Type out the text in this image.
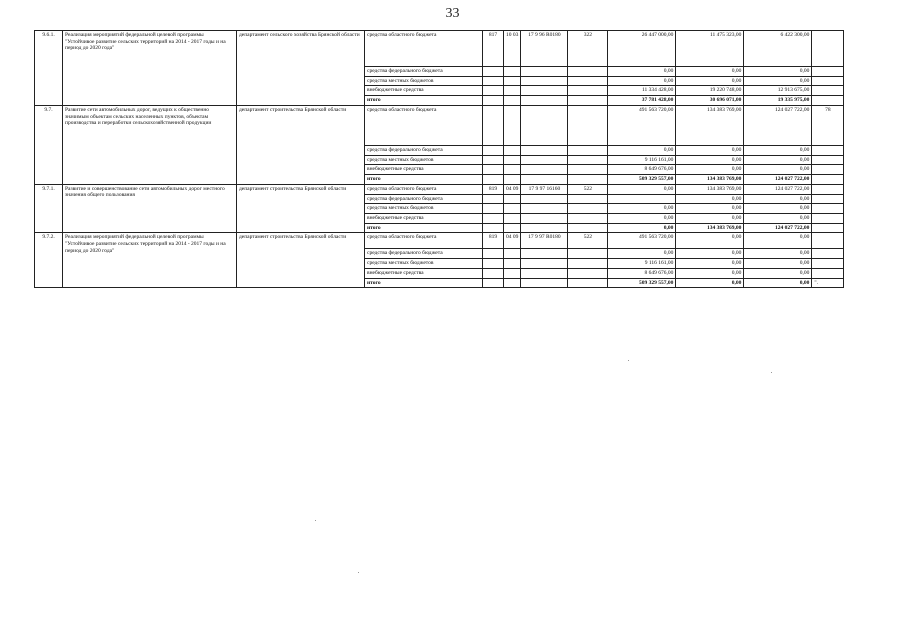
33
9.6.1.	Реализация мероприятий федеральной целевой программы "Устойчивое развитие сельских территорий на 2014 - 2017 годы и на период до 2020 года"	департамент сельского хозяйства Брянской области	средства областного бюджета	817	10 03	17 9 96 R0180	322	26 447 000,00	11 475 323,00	6 422 300,00	
			средства федерального бюджета					0,00	0,00	0,00	
			средства местных бюджетов					0,00	0,00	0,00	
			внебюджетные средства					11 334 428,00	19 220 748,00	12 913 675,00	
			итого					37 781 428,00	30 696 071,00	19 335 975,00	
9.7.	Развитие сети автомобильных дорог, ведущих к общественно значимым объектам сельских населенных пунктов, объектам производства и переработки сельскохозяйственной продукции	департамент строительства Брянской области	средства областного бюджета					491 563 720,00	134 383 769,00	124 027 722,00	78
			средства федерального бюджета					0,00	0,00	0,00	
			средства местных бюджетов					9 116 161,00	0,00	0,00	
			внебюджетные средства					8 649 676,00	0,00	0,00	
			итого					509 329 557,00	134 383 769,00	124 027 722,00	
9.7.1.	Развитие и совершенствование сети автомобильных дорог местного значения общего пользования	департамент строительства Брянской области	средства областного бюджета	819	04 09	17 9 97 16160	522	0,00	134 383 769,00	124 027 722,00	
			средства федерального бюджета						0,00	0,00	
			средства местных бюджетов					0,00	0,00	0,00	
			внебюджетные средства					0,00	0,00	0,00	
			итого					0,00	134 383 769,00	124 027 722,00	
9.7.2.	Реализация мероприятий федеральной целевой программы "Устойчивое развитие сельских территорий на 2014 - 2017 годы и на период до 2020 года"	департамент строительства Брянской области	средства областного бюджета	819	04 09	17 9 97 R0180	522	491 563 720,00	0,00	0,00	
			средства федерального бюджета					0,00	0,00	0,00	
			средства местных бюджетов					9 116 161,00	0,00	0,00	
			внебюджетные средства					8 649 676,00	0,00	0,00	
			итого					509 329 557,00	0,00	0,00	".
